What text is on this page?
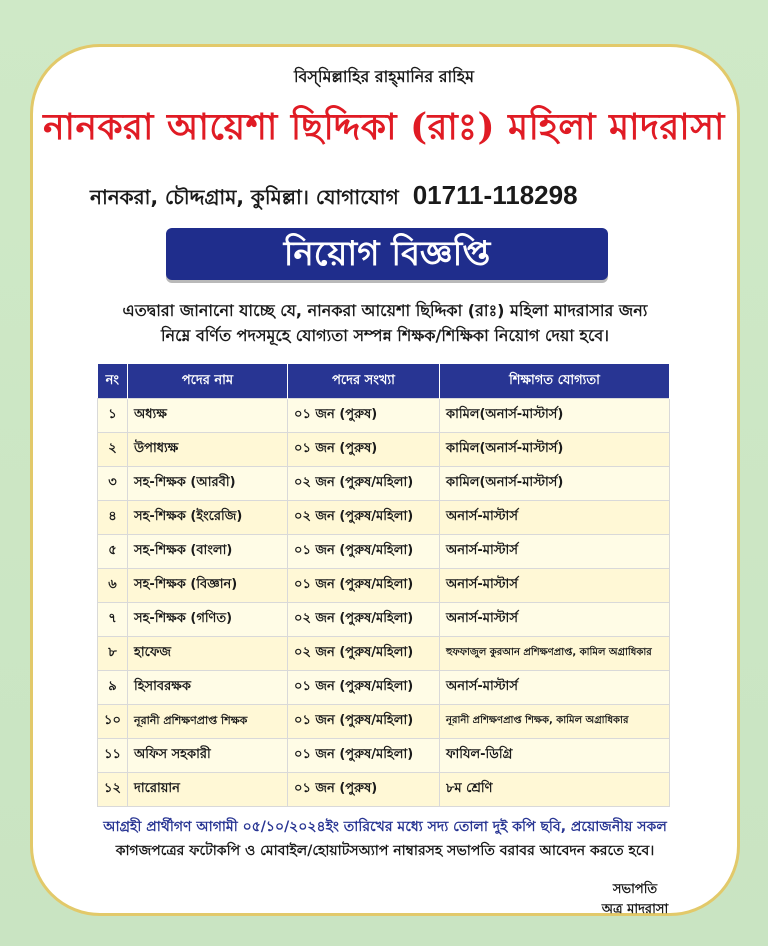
বিস্‌মিল্লাহির রাহ্‌মানির রাহিম
নানকরা আয়েশা ছিদ্দিকা (রাঃ) মহিলা মাদরাসা
নানকরা, চৌদ্দগ্রাম, কুমিল্লা। যোগাযোগ 01711-118298
নিয়োগ বিজ্ঞপ্তি
এতদ্বারা জানানো যাচ্ছে যে, নানকরা আয়েশা ছিদ্দিকা (রাঃ) মহিলা মাদরাসার জন্য
নিম্নে বর্ণিত পদসমূহে যোগ্যতা সম্পন্ন শিক্ষক/শিক্ষিকা নিয়োগ দেয়া হবে।
নং	পদের নাম	পদের সংখ্যা	শিক্ষাগত যোগ্যতা
১	অধ্যক্ষ	০১ জন (পুরুষ)	কামিল(অনার্স-মাস্টার্স)
২	উপাধ্যক্ষ	০১ জন (পুরুষ)	কামিল(অনার্স-মাস্টার্স)
৩	সহ-শিক্ষক (আরবী)	০২ জন (পুরুষ/মহিলা)	কামিল(অনার্স-মাস্টার্স)
৪	সহ-শিক্ষক (ইংরেজি)	০২ জন (পুরুষ/মহিলা)	অনার্স-মাস্টার্স
৫	সহ-শিক্ষক (বাংলা)	০১ জন (পুরুষ/মহিলা)	অনার্স-মাস্টার্স
৬	সহ-শিক্ষক (বিজ্ঞান)	০১ জন (পুরুষ/মহিলা)	অনার্স-মাস্টার্স
৭	সহ-শিক্ষক (গণিত)	০২ জন (পুরুষ/মহিলা)	অনার্স-মাস্টার্স
৮	হাফেজ	০২ জন (পুরুষ/মহিলা)	হুফফাজুল কুরআন প্রশিক্ষণপ্রাপ্ত, কামিল অগ্রাধিকার
৯	হিসাবরক্ষক	০১ জন (পুরুষ/মহিলা)	অনার্স-মাস্টার্স
১০	নূরানী প্রশিক্ষণপ্রাপ্ত শিক্ষক	০১ জন (পুরুষ/মহিলা)	নূরানী প্রশিক্ষণপ্রাপ্ত শিক্ষক, কামিল অগ্রাধিকার
১১	অফিস সহকারী	০১ জন (পুরুষ/মহিলা)	ফাযিল-ডিগ্রি
১২	দারোয়ান	০১ জন (পুরুষ)	৮ম শ্রেণি
আগ্রহী প্রার্থীগণ আগামী ০৫/১০/২০২৪ইং তারিখের মধ্যে সদ্য তোলা দুই কপি ছবি, প্রয়োজনীয় সকল
কাগজপত্রের ফটোকপি ও মোবাইল/হোয়াটসঅ্যাপ নাম্বারসহ সভাপতি বরাবর আবেদন করতে হবে।
সভাপতি
অত্র মাদরাসা
